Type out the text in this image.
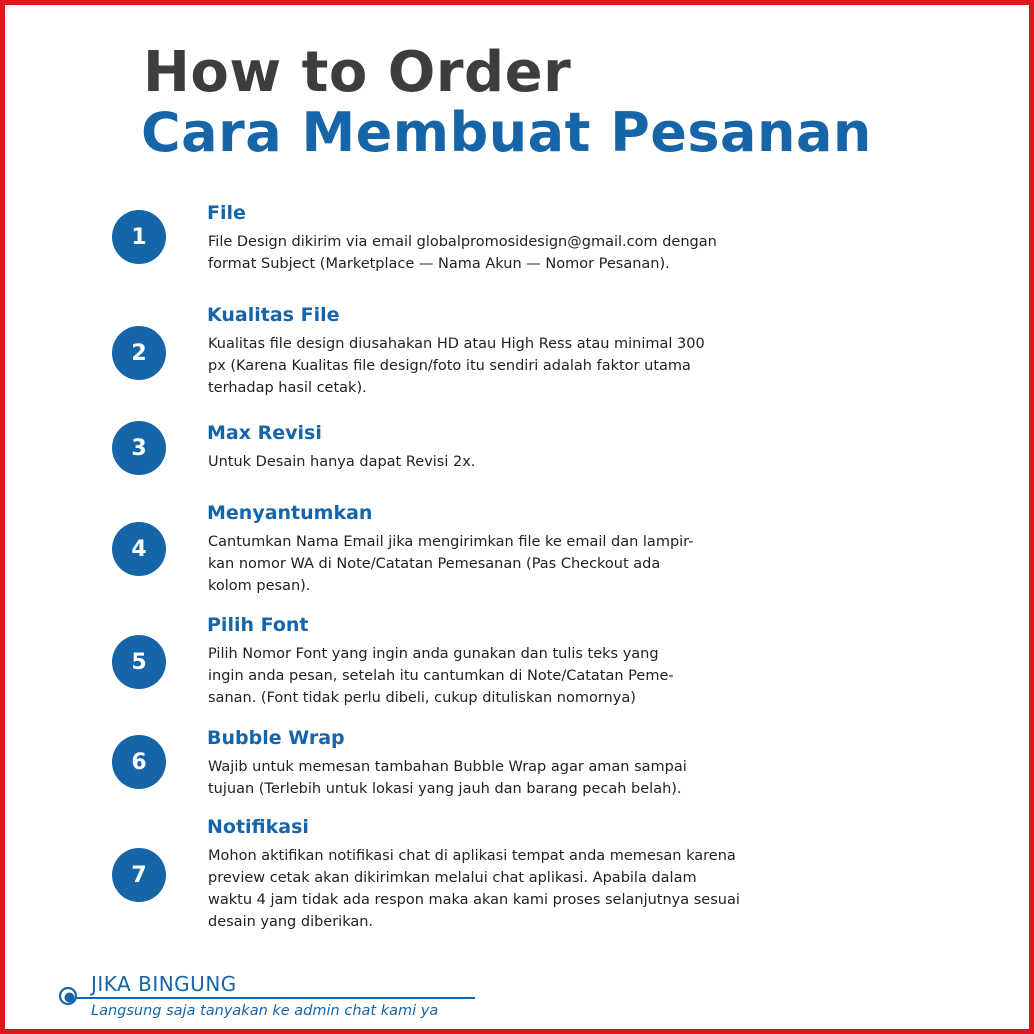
How to Order
Cara Membuat Pesanan
1
File
File Design dikirim via email globalpromosidesign@gmail.com dengan
format Subject (Marketplace — Nama Akun — Nomor Pesanan).
2
Kualitas File
Kualitas file design diusahakan HD atau High Ress atau minimal 300
px (Karena Kualitas file design/foto itu sendiri adalah faktor utama
terhadap hasil cetak).
3
Max Revisi
Untuk Desain hanya dapat Revisi 2x.
4
Menyantumkan
Cantumkan Nama Email jika mengirimkan file ke email dan lampir-
kan nomor WA di Note/Catatan Pemesanan (Pas Checkout ada
kolom pesan).
5
Pilih Font
Pilih Nomor Font yang ingin anda gunakan dan tulis teks yang
ingin anda pesan, setelah itu cantumkan di Note/Catatan Peme-
sanan. (Font tidak perlu dibeli, cukup dituliskan nomornya)
6
Bubble Wrap
Wajib untuk memesan tambahan Bubble Wrap agar aman sampai
tujuan (Terlebih untuk lokasi yang jauh dan barang pecah belah).
7
Notifikasi
Mohon aktifikan notifikasi chat di aplikasi tempat anda memesan karena
preview cetak akan dikirimkan melalui chat aplikasi. Apabila dalam
waktu 4 jam tidak ada respon maka akan kami proses selanjutnya sesuai
desain yang diberikan.
JIKA BINGUNG
Langsung saja tanyakan ke admin chat kami ya
